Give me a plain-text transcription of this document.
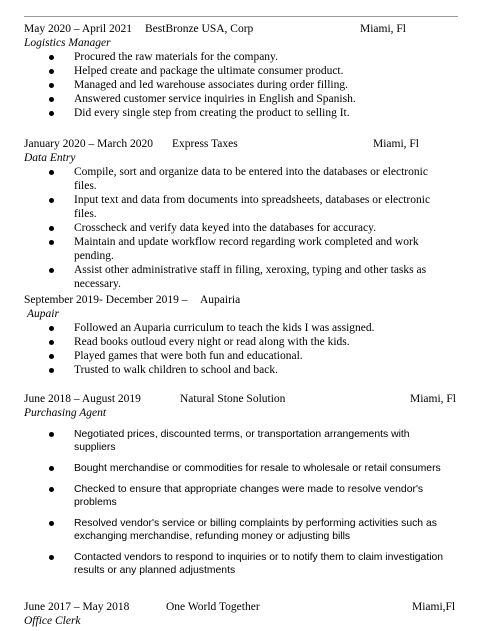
May 2020 – April 2021 BestBronze USA, Corp	Miami, Fl
Logistics Manager
Procured the raw materials for the company.
Helped create and package the ultimate consumer product.
Managed and led warehouse associates during order filling.
Answered customer service inquiries in English and Spanish.
Did every single step from creating the product to selling It.
January 2020 – March 2020 Express Taxes	Miami, Fl
Data Entry
Compile, sort and organize data to be entered into the databases or electronic files.
Input text and data from documents into spreadsheets, databases or electronic files.
Crosscheck and verify data keyed into the databases for accuracy.
Maintain and update workflow record regarding work completed and work pending.
Assist other administrative staff in filing, xeroxing, typing and other tasks as necessary.
September 2019- December 2019 – Aupairia
Aupair
Followed an Auparia curriculum to teach the kids I was assigned.
Read books outloud every night or read along with the kids.
Played games that were both fun and educational.
Trusted to walk children to school and back.
June 2018 – August 2019	Natural Stone Solution	Miami, Fl
Purchasing Agent
Negotiated prices, discounted terms, or transportation arrangements with suppliers
Bought merchandise or commodities for resale to wholesale or retail consumers
Checked to ensure that appropriate changes were made to resolve vendor's problems
Resolved vendor's service or billing complaints by performing activities such as exchanging merchandise, refunding money or adjusting bills
Contacted vendors to respond to inquiries or to notify them to claim investigation results or any planned adjustments
June 2017 – May 2018	One World Together	Miami,Fl
Office Clerk
